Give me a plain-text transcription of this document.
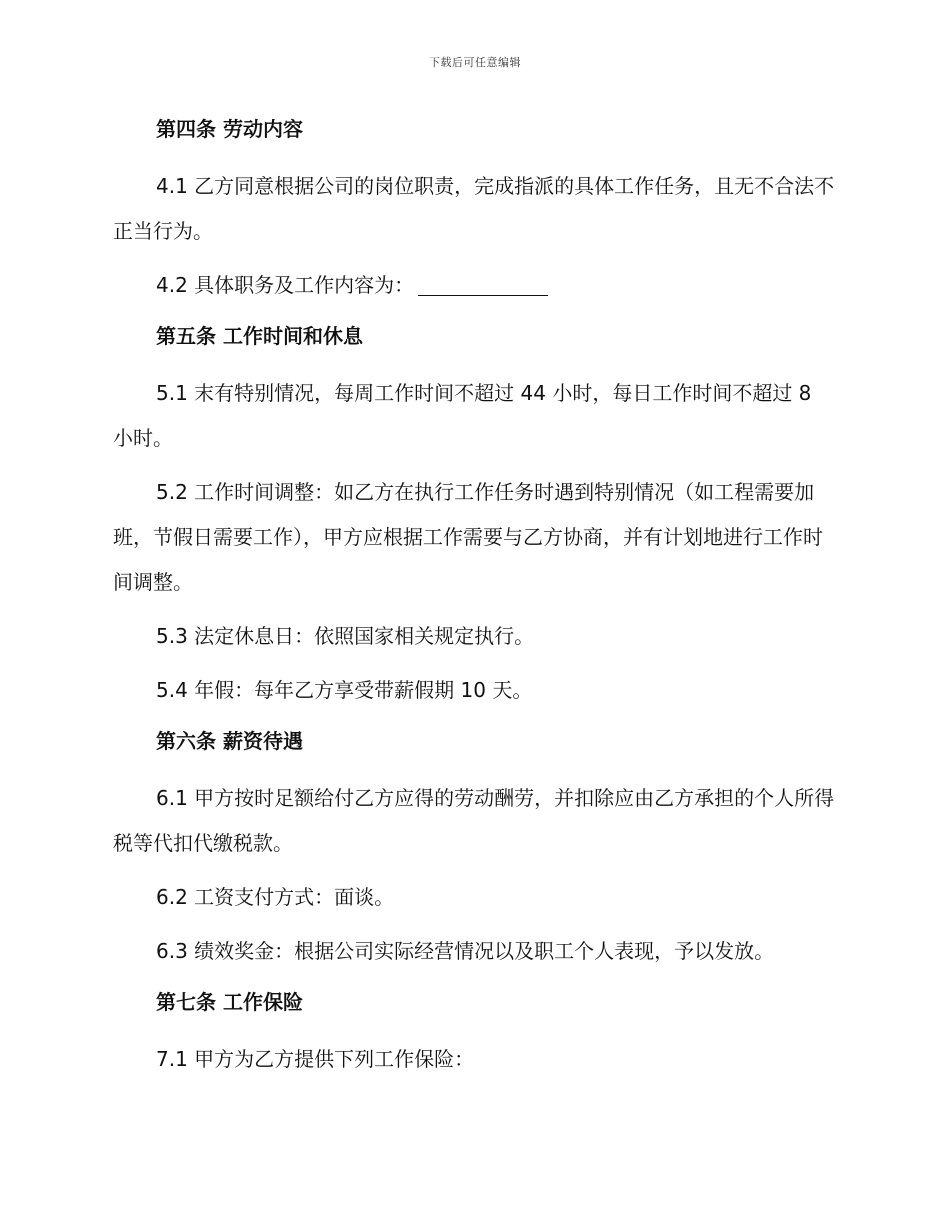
下载后可任意编辑
第四条 劳动内容

4.1 乙方同意根据公司的岗位职责，完成指派的具体工作任务，且无不合法不正当行为。

4.2 具体职务及工作内容为：

第五条 工作时间和休息

5.1 末有特别情况，每周工作时间不超过 44 小时，每日工作时间不超过 8 小时。

5.2 工作时间调整：如乙方在执行工作任务时遇到特别情况（如工程需要加班，节假日需要工作），甲方应根据工作需要与乙方协商，并有计划地进行工作时间调整。

5.3 法定休息日：依照国家相关规定执行。

5.4 年假：每年乙方享受带薪假期 10 天。

第六条 薪资待遇

6.1 甲方按时足额给付乙方应得的劳动酬劳，并扣除应由乙方承担的个人所得税等代扣代缴税款。

6.2 工资支付方式：面谈。

6.3 绩效奖金：根据公司实际经营情况以及职工个人表现，予以发放。

第七条 工作保险

7.1 甲方为乙方提供下列工作保险：
